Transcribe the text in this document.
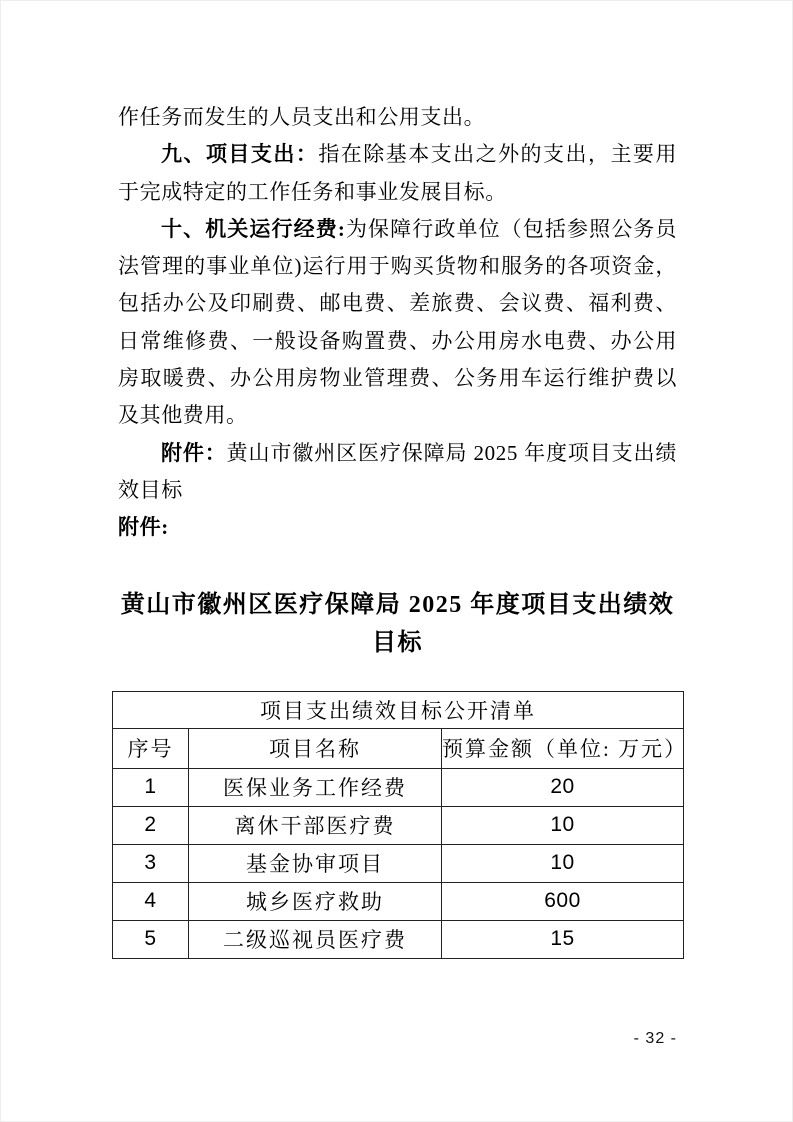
作任务而发生的人员支出和公用支出。

九、项目支出：指在除基本支出之外的支出，主要用于完成特定的工作任务和事业发展目标。

十、机关运行经费:为保障行政单位（包括参照公务员法管理的事业单位)运行用于购买货物和服务的各项资金，包括办公及印刷费、邮电费、差旅费、会议费、福利费、日常维修费、一般设备购置费、办公用房水电费、办公用房取暖费、办公用房物业管理费、公务用车运行维护费以及其他费用。

附件：黄山市徽州区医疗保障局 2025 年度项目支出绩效目标

附件:

黄山市徽州区医疗保障局 2025 年度项目支出绩效
目标
项目支出绩效目标公开清单		
序号	项目名称	预算金额（单位: 万元）
1	医保业务工作经费	20
2	离休干部医疗费	10
3	基金协审项目	10
4	城乡医疗救助	600
5	二级巡视员医疗费	15
- 32 -
